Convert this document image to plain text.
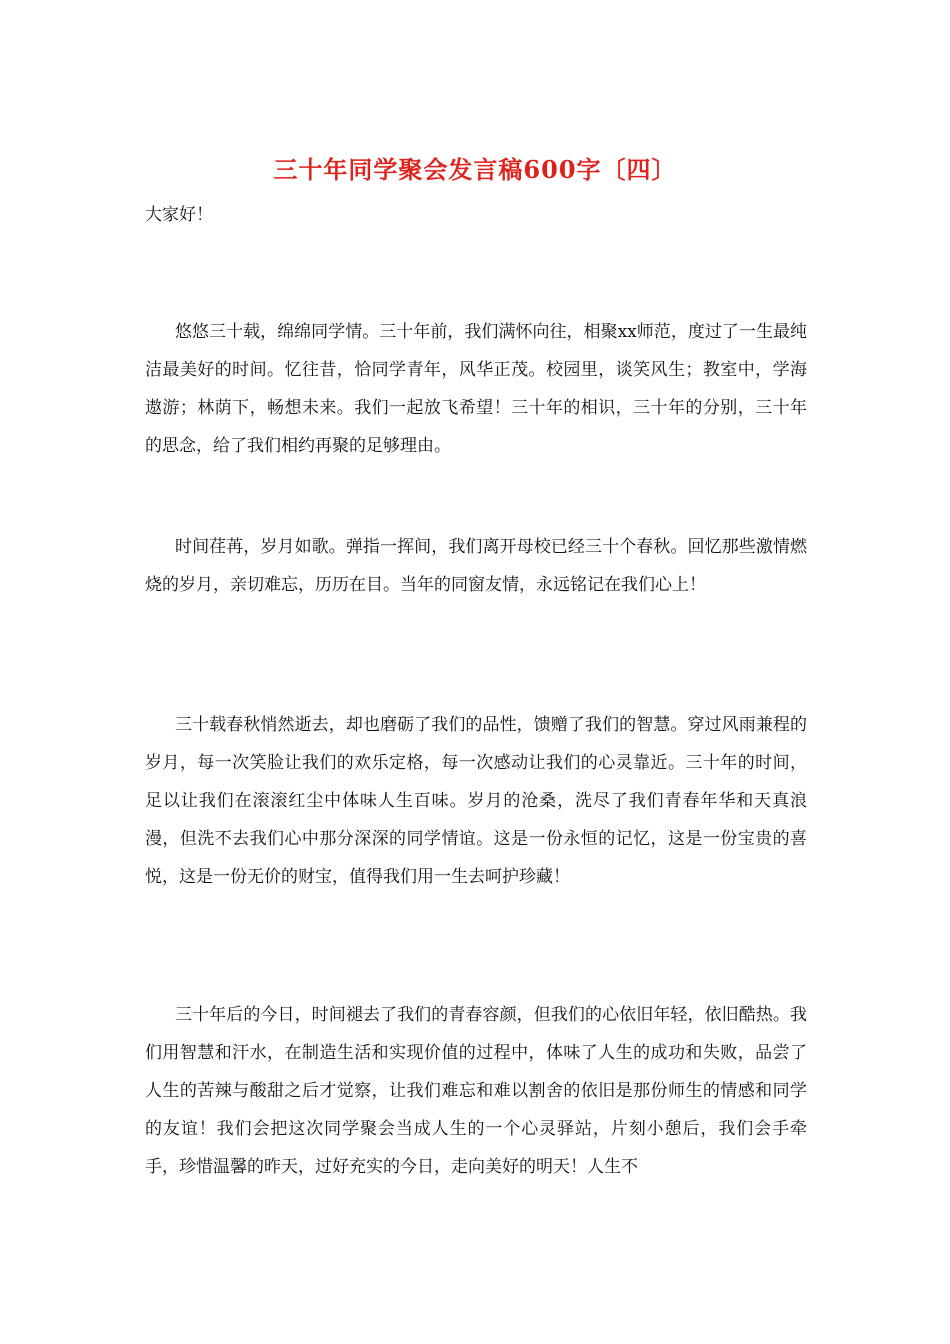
三十年同学聚会发言稿600字〔四〕
大家好！

悠悠三十载，绵绵同学情。三十年前，我们满怀向往，相聚xx师范，度过了一生最纯洁最美好的时间。忆往昔，恰同学青年，风华正茂。校园里，谈笑风生；教室中，学海遨游；林荫下，畅想未来。我们一起放飞希望！三十年的相识，三十年的分别，三十年的思念，给了我们相约再聚的足够理由。

时间荏苒，岁月如歌。弹指一挥间，我们离开母校已经三十个春秋。回忆那些激情燃烧的岁月，亲切难忘，历历在目。当年的同窗友情，永远铭记在我们心上！

三十载春秋悄然逝去，却也磨砺了我们的品性，馈赠了我们的智慧。穿过风雨兼程的岁月，每一次笑脸让我们的欢乐定格，每一次感动让我们的心灵靠近。三十年的时间，足以让我们在滚滚红尘中体味人生百味。岁月的沧桑，洗尽了我们青春年华和天真浪漫，但洗不去我们心中那分深深的同学情谊。这是一份永恒的记忆，这是一份宝贵的喜悦，这是一份无价的财宝，值得我们用一生去呵护珍藏！

三十年后的今日，时间褪去了我们的青春容颜，但我们的心依旧年轻，依旧酷热。我们用智慧和汗水，在制造生活和实现价值的过程中，体味了人生的成功和失败，品尝了人生的苦辣与酸甜之后才觉察，让我们难忘和难以割舍的依旧是那份师生的情感和同学的友谊！我们会把这次同学聚会当成人生的一个心灵驿站，片刻小憩后，我们会手牵手，珍惜温馨的昨天，过好充实的今日，走向美好的明天！人生不
